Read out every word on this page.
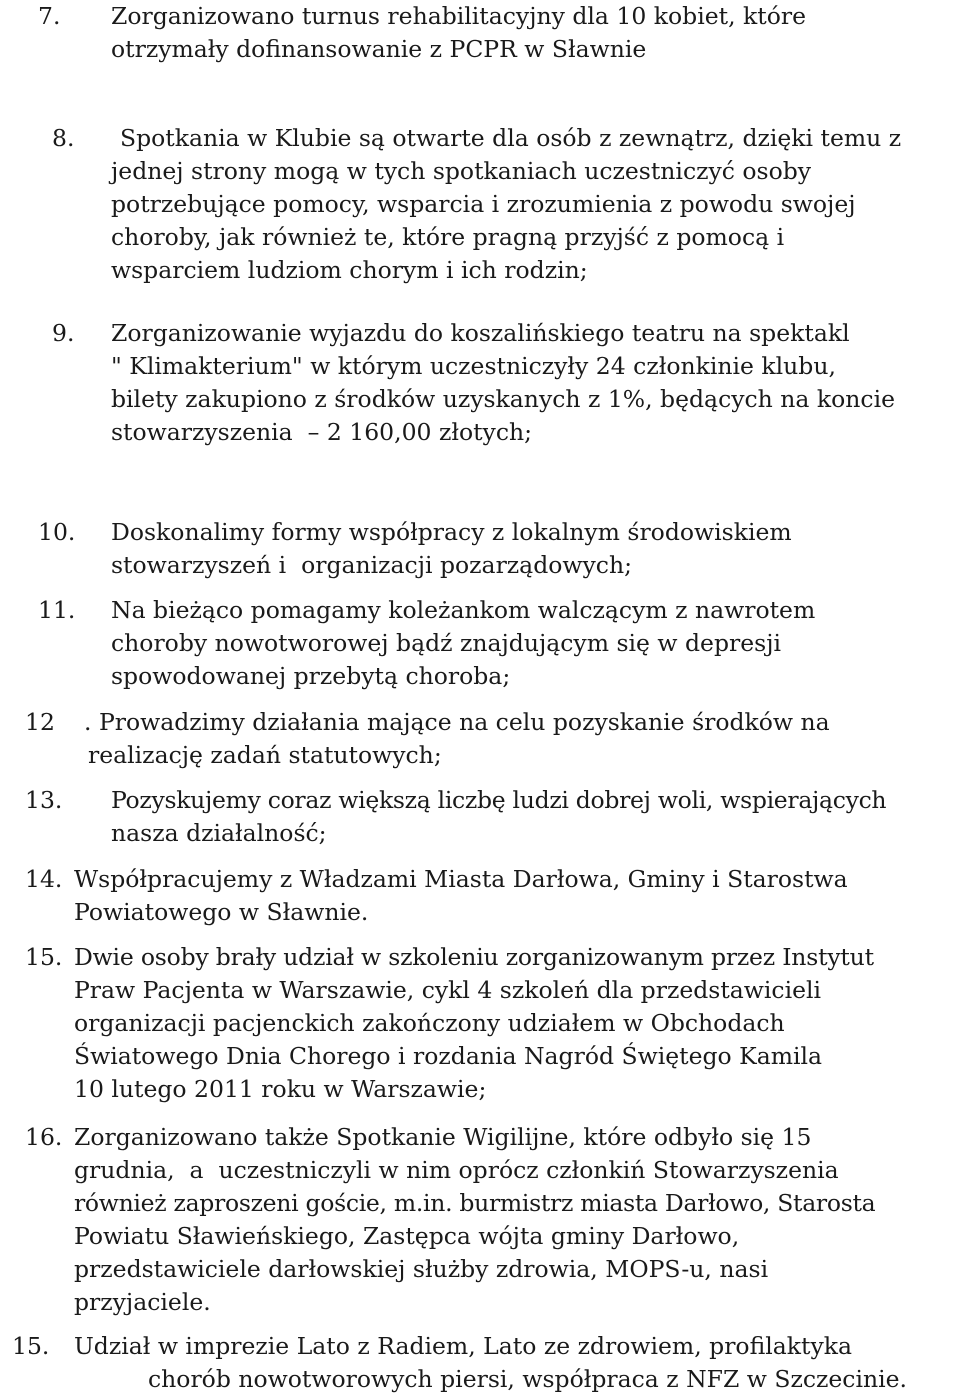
7. Zorganizowano turnus rehabilitacyjny dla 10 kobiet, które
otrzymały dofinansowanie z PCPR w Sławnie
8.	Spotkania w Klubie są otwarte dla osób z zewnątrz, dzięki temu z
jednej strony mogą w tych spotkaniach uczestniczyć osoby
potrzebujące pomocy, wsparcia i zrozumienia z powodu swojej
choroby, jak również te, które pragną przyjść z pomocą i
wsparciem ludziom chorym i ich rodzin;
9. Zorganizowanie wyjazdu do koszalińskiego teatru na spektakl
" Klimakterium" w którym uczestniczyły 24 członkinie klubu,
bilety zakupiono z środków uzyskanych z 1%, będących na koncie
stowarzyszenia  – 2 160,00 złotych;
10. Doskonalimy formy współpracy z lokalnym środowiskiem
stowarzyszeń i  organizacji pozarządowych;
11. Na bieżąco pomagamy koleżankom walczącym z nawrotem
choroby nowotworowej bądź znajdującym się w depresji
spowodowanej przebytą choroba;
12 . Prowadzimy działania mające na celu pozyskanie środków na
realizację zadań statutowych;
13. Pozyskujemy coraz większą liczbę ludzi dobrej woli, wspierających
nasza działalność;
14. Współpracujemy z Władzami Miasta Darłowa, Gminy i Starostwa
Powiatowego w Sławnie.
15. Dwie osoby brały udział w szkoleniu zorganizowanym przez Instytut
Praw Pacjenta w Warszawie, cykl 4 szkoleń dla przedstawicieli
organizacji pacjenckich zakończony udziałem w Obchodach
Światowego Dnia Chorego i rozdania Nagród Świętego Kamila
10 lutego 2011 roku w Warszawie;
16. Zorganizowano także Spotkanie Wigilijne, które odbyło się 15
grudnia,  a  uczestniczyli w nim oprócz członkiń Stowarzyszenia
również zaproszeni goście, m.in. burmistrz miasta Darłowo, Starosta
Powiatu Sławieńskiego, Zastępca wójta gminy Darłowo,
przedstawiciele darłowskiej służby zdrowia, MOPS-u, nasi
przyjaciele.
15. Udział w imprezie Lato z Radiem, Lato ze zdrowiem, profilaktyka
chorób nowotworowych piersi, współpraca z NFZ w Szczecinie.
